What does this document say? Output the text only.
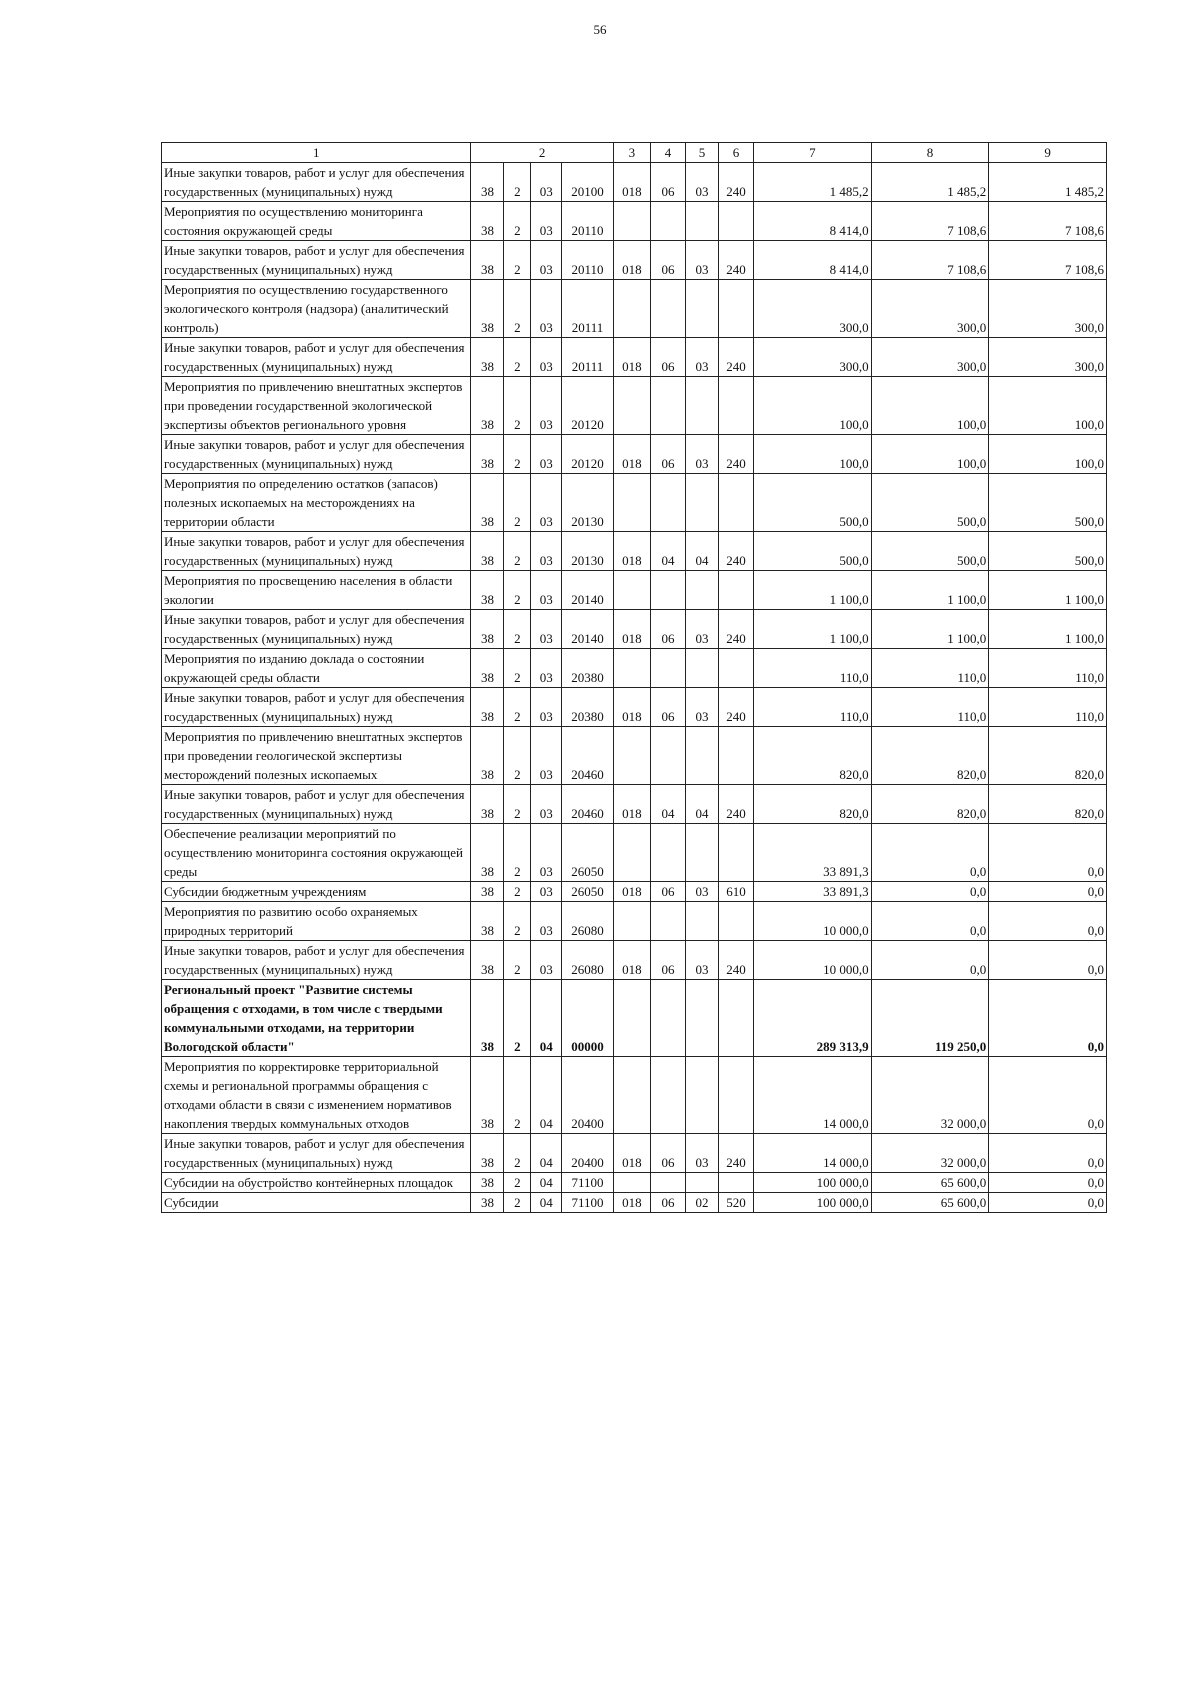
56
1	2				3	4	5	6	7	8	9
Иные закупки товаров, работ и услуг для обеспечения государственных (муниципальных) нужд	38	2	03	20100	018	06	03	240	1 485,2	1 485,2	1 485,2
Мероприятия по осуществлению мониторинга состояния окружающей среды	38	2	03	20110					8 414,0	7 108,6	7 108,6
Иные закупки товаров, работ и услуг для обеспечения государственных (муниципальных) нужд	38	2	03	20110	018	06	03	240	8 414,0	7 108,6	7 108,6
Мероприятия по осуществлению государственного экологического контроля (надзора) (аналитический контроль)	38	2	03	20111					300,0	300,0	300,0
Иные закупки товаров, работ и услуг для обеспечения государственных (муниципальных) нужд	38	2	03	20111	018	06	03	240	300,0	300,0	300,0
Мероприятия по привлечению внештатных экспертов при проведении государственной экологической экспертизы объектов регионального уровня	38	2	03	20120					100,0	100,0	100,0
Иные закупки товаров, работ и услуг для обеспечения государственных (муниципальных) нужд	38	2	03	20120	018	06	03	240	100,0	100,0	100,0
Мероприятия по определению остатков (запасов) полезных ископаемых на месторождениях на территории области	38	2	03	20130					500,0	500,0	500,0
Иные закупки товаров, работ и услуг для обеспечения государственных (муниципальных) нужд	38	2	03	20130	018	04	04	240	500,0	500,0	500,0
Мероприятия по просвещению населения в области экологии	38	2	03	20140					1 100,0	1 100,0	1 100,0
Иные закупки товаров, работ и услуг для обеспечения государственных (муниципальных) нужд	38	2	03	20140	018	06	03	240	1 100,0	1 100,0	1 100,0
Мероприятия по изданию доклада о состоянии окружающей среды области	38	2	03	20380					110,0	110,0	110,0
Иные закупки товаров, работ и услуг для обеспечения государственных (муниципальных) нужд	38	2	03	20380	018	06	03	240	110,0	110,0	110,0
Мероприятия по привлечению внештатных экспертов при проведении геологической экспертизы месторождений полезных ископаемых	38	2	03	20460					820,0	820,0	820,0
Иные закупки товаров, работ и услуг для обеспечения государственных (муниципальных) нужд	38	2	03	20460	018	04	04	240	820,0	820,0	820,0
Обеспечение реализации мероприятий по осуществлению мониторинга состояния окружающей среды	38	2	03	26050					33 891,3	0,0	0,0
Субсидии бюджетным учреждениям	38	2	03	26050	018	06	03	610	33 891,3	0,0	0,0
Мероприятия по развитию особо охраняемых природных территорий	38	2	03	26080					10 000,0	0,0	0,0
Иные закупки товаров, работ и услуг для обеспечения государственных (муниципальных) нужд	38	2	03	26080	018	06	03	240	10 000,0	0,0	0,0
Региональный проект "Развитие системы обращения с отходами, в том числе с твердыми коммунальными отходами, на территории Вологодской области"	38	2	04	00000					289 313,9	119 250,0	0,0
Мероприятия по корректировке территориальной схемы и региональной программы обращения с отходами области в связи с изменением нормативов накопления твердых коммунальных отходов	38	2	04	20400					14 000,0	32 000,0	0,0
Иные закупки товаров, работ и услуг для обеспечения государственных (муниципальных) нужд	38	2	04	20400	018	06	03	240	14 000,0	32 000,0	0,0
Субсидии на обустройство контейнерных площадок	38	2	04	71100					100 000,0	65 600,0	0,0
Субсидии	38	2	04	71100	018	06	02	520	100 000,0	65 600,0	0,0
